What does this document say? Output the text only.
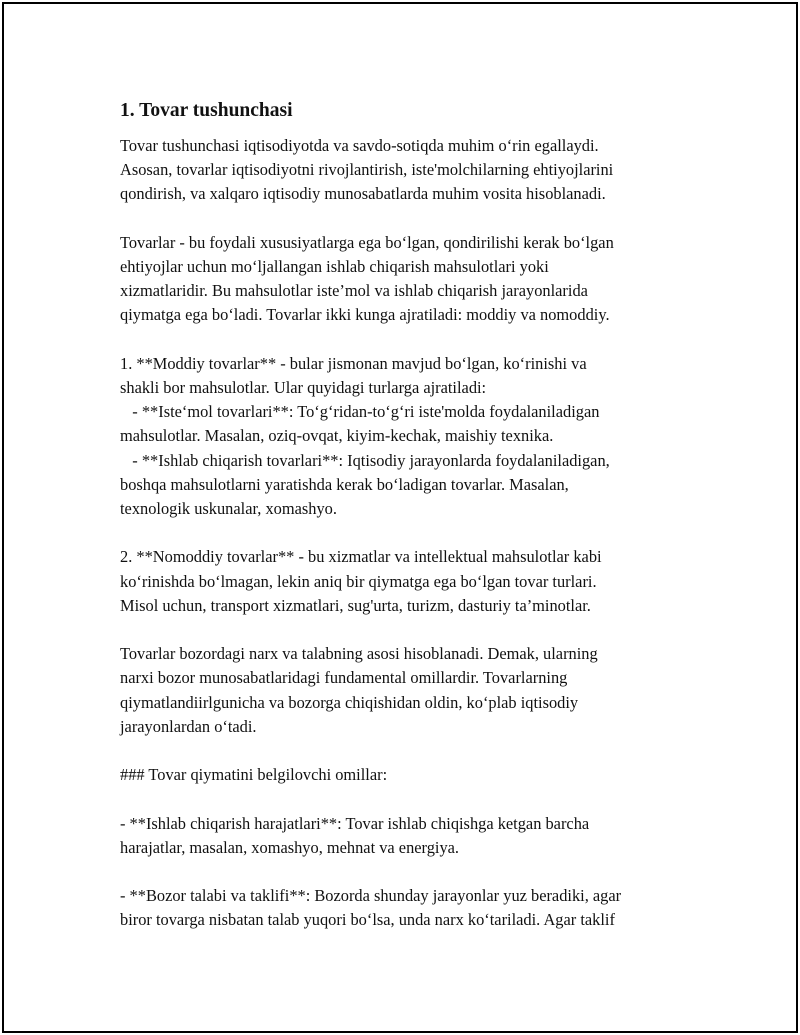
1. Tovar tushunchasi

Tovar tushunchasi iqtisodiyotda va savdo-sotiqda muhim o‘rin egallaydi.
Asosan, tovarlar iqtisodiyotni rivojlantirish, iste'molchilarning ehtiyojlarini
qondirish, va xalqaro iqtisodiy munosabatlarda muhim vosita hisoblanadi.

Tovarlar - bu foydali xususiyatlarga ega bo‘lgan, qondirilishi kerak bo‘lgan
ehtiyojlar uchun mo‘ljallangan ishlab chiqarish mahsulotlari yoki
xizmatlaridir. Bu mahsulotlar iste’mol va ishlab chiqarish jarayonlarida
qiymatga ega bo‘ladi. Tovarlar ikki kunga ajratiladi: moddiy va nomoddiy.

1. **Moddiy tovarlar** - bular jismonan mavjud bo‘lgan, ko‘rinishi va
shakli bor mahsulotlar. Ular quyidagi turlarga ajratiladi:
- **Iste‘mol tovarlari**: To‘g‘ridan-to‘g‘ri iste'molda foydalaniladigan
mahsulotlar. Masalan, oziq-ovqat, kiyim-kechak, maishiy texnika.
- **Ishlab chiqarish tovarlari**: Iqtisodiy jarayonlarda foydalaniladigan,
boshqa mahsulotlarni yaratishda kerak bo‘ladigan tovarlar. Masalan,
texnologik uskunalar, xomashyo.

2. **Nomoddiy tovarlar** - bu xizmatlar va intellektual mahsulotlar kabi
ko‘rinishda bo‘lmagan, lekin aniq bir qiymatga ega bo‘lgan tovar turlari.
Misol uchun, transport xizmatlari, sug'urta, turizm, dasturiy ta’minotlar.

Tovarlar bozordagi narx va talabning asosi hisoblanadi. Demak, ularning
narxi bozor munosabatlaridagi fundamental omillardir. Tovarlarning
qiymatlandiirlgunicha va bozorga chiqishidan oldin, ko‘plab iqtisodiy
jarayonlardan o‘tadi.

### Tovar qiymatini belgilovchi omillar:

- **Ishlab chiqarish harajatlari**: Tovar ishlab chiqishga ketgan barcha
harajatlar, masalan, xomashyo, mehnat va energiya.

- **Bozor talabi va taklifi**: Bozorda shunday jarayonlar yuz beradiki, agar
biror tovarga nisbatan talab yuqori bo‘lsa, unda narx ko‘tariladi. Agar taklif
